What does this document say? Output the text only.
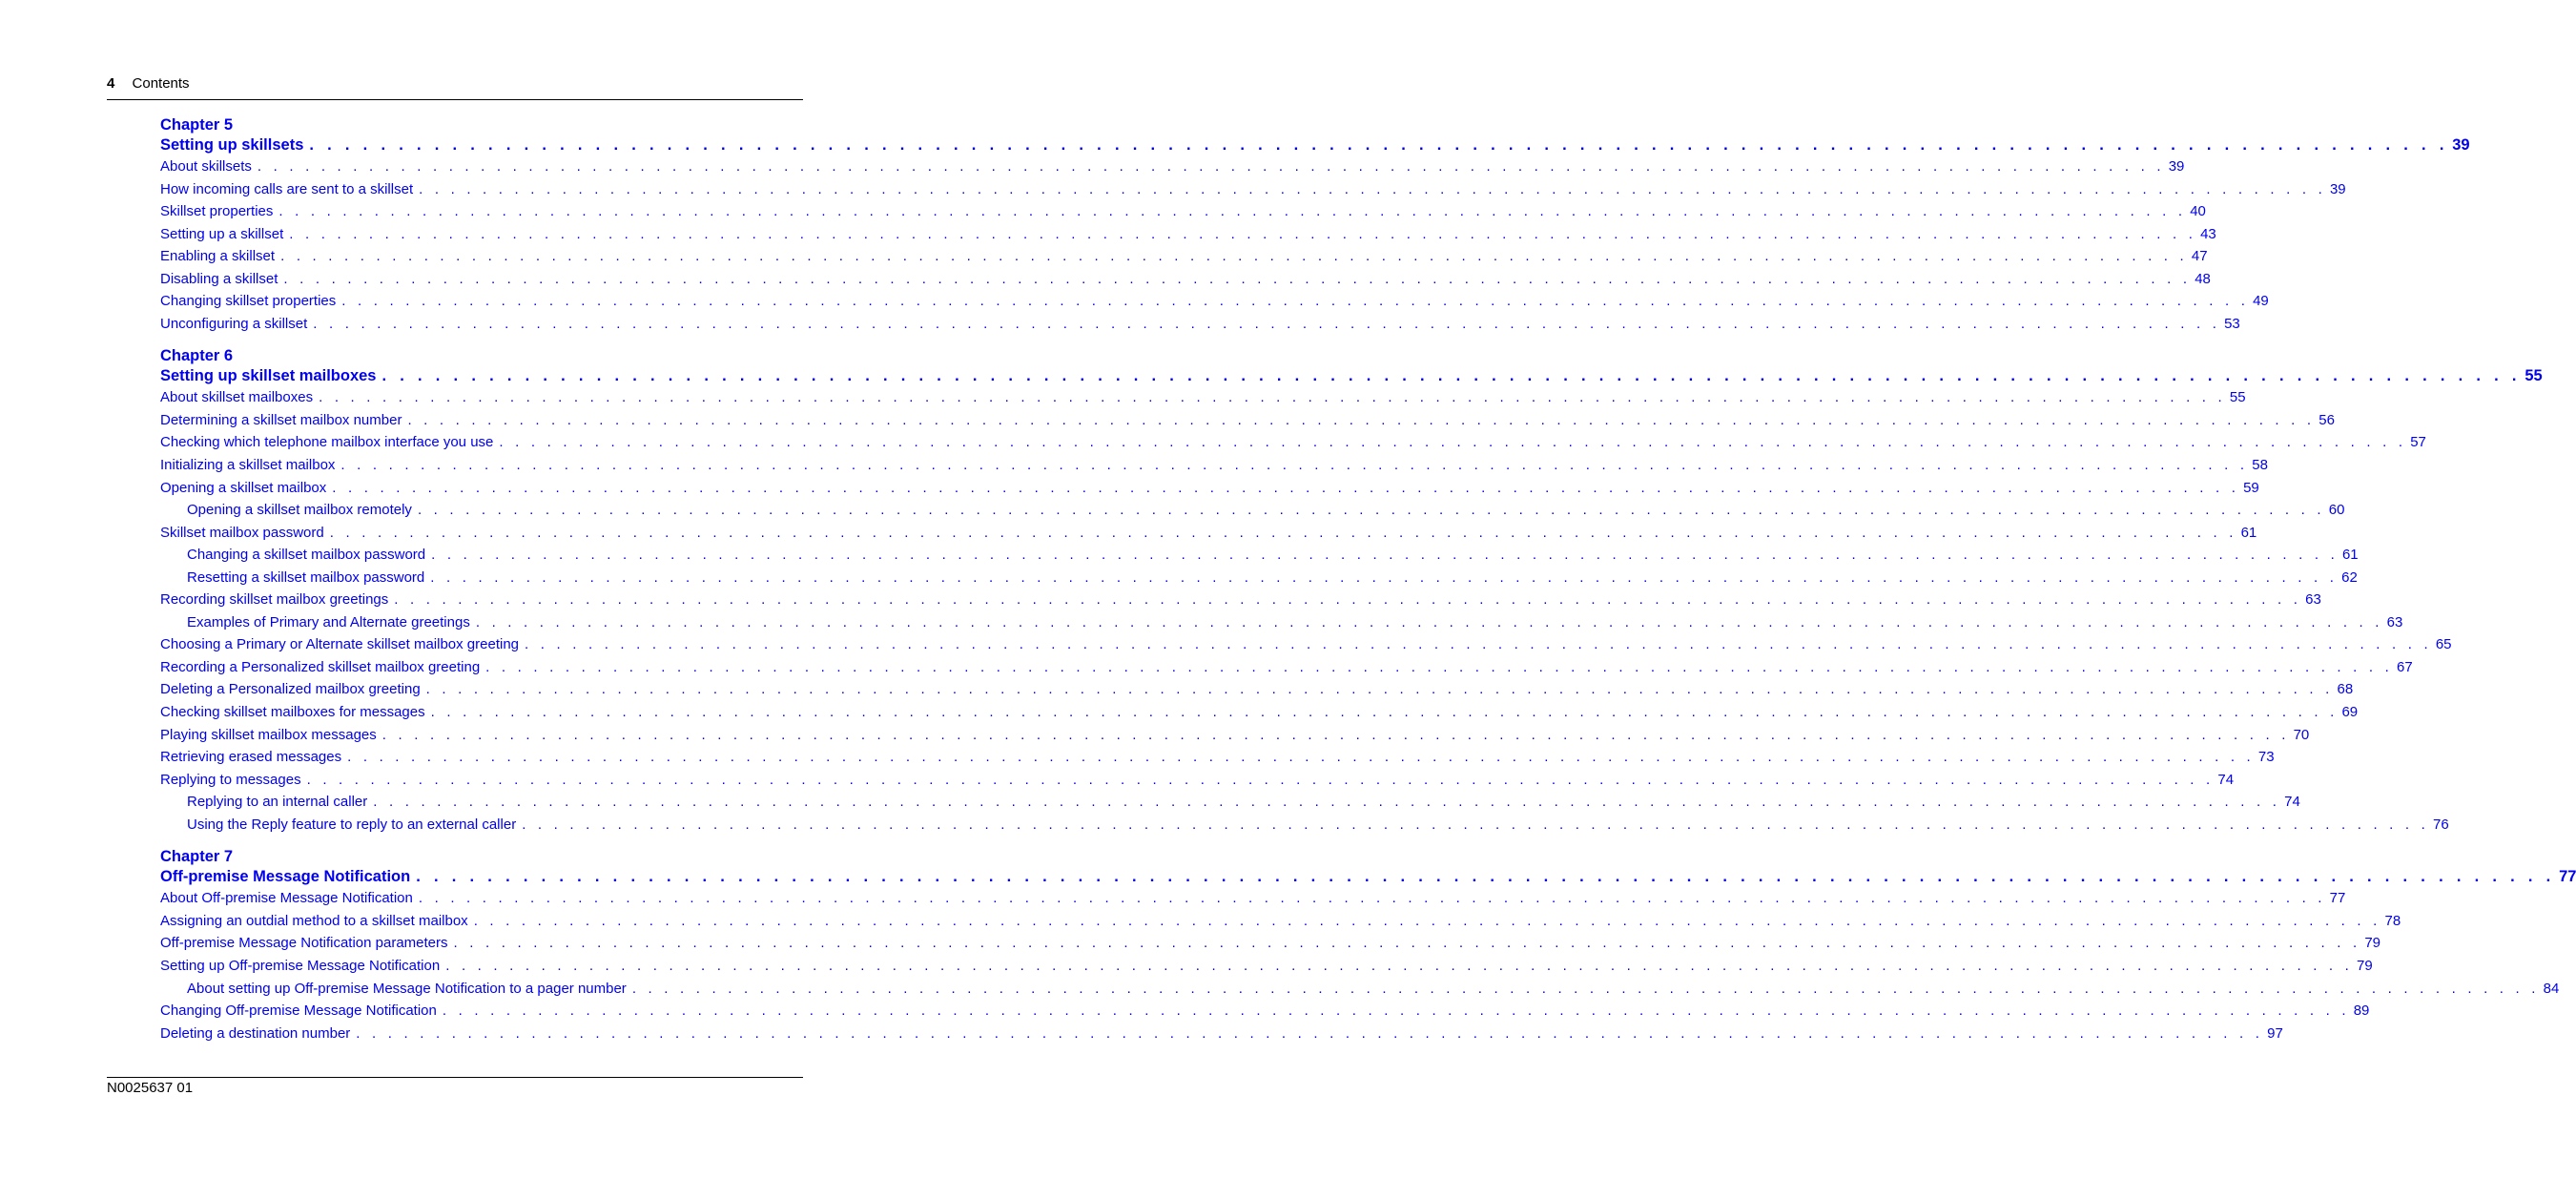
4 Contents
Chapter 5
Setting up skillsets . . . . . . . . . . . . . . . . . . . . . . . . . . . . . . . . . . . . . . . . . . . . . . . . . . . . . . . . . . . . . . . . . . . . . . . . . . . . . . . . . . . . . . . . . . . . . . . . . . . . . . . . . . . . . . . . . . . . . . . . 39
About skillsets . . . . . . . . . . . . . . . . . . . . . . . . . . . . . . . . . . . . . . . . . . . . . . . . . . . . . . . . . . . . . . . . . . . . . . . . . . . . . . . . . . . . . . . . . . . . . . . . . . . . . . . . . . . . . . . . . . . . . . . . 39
How incoming calls are sent to a skillset . . . . . . . . . . . . . . . . . . . . . . . . . . . . . . . . . . . . . . . . . . . . . . . . . . . . . . . . . . . . . . . . . . . . . . . . . . . . . . . . . . . . . . . . . . . . . . . . . . . . . . . . . . . . . . . . . . . . . . . . 39
Skillset properties . . . . . . . . . . . . . . . . . . . . . . . . . . . . . . . . . . . . . . . . . . . . . . . . . . . . . . . . . . . . . . . . . . . . . . . . . . . . . . . . . . . . . . . . . . . . . . . . . . . . . . . . . . . . . . . . . . . . . . . . 40
Setting up a skillset . . . . . . . . . . . . . . . . . . . . . . . . . . . . . . . . . . . . . . . . . . . . . . . . . . . . . . . . . . . . . . . . . . . . . . . . . . . . . . . . . . . . . . . . . . . . . . . . . . . . . . . . . . . . . . . . . . . . . . . . 43
Enabling a skillset . . . . . . . . . . . . . . . . . . . . . . . . . . . . . . . . . . . . . . . . . . . . . . . . . . . . . . . . . . . . . . . . . . . . . . . . . . . . . . . . . . . . . . . . . . . . . . . . . . . . . . . . . . . . . . . . . . . . . . . . 47
Disabling a skillset . . . . . . . . . . . . . . . . . . . . . . . . . . . . . . . . . . . . . . . . . . . . . . . . . . . . . . . . . . . . . . . . . . . . . . . . . . . . . . . . . . . . . . . . . . . . . . . . . . . . . . . . . . . . . . . . . . . . . . . . 48
Changing skillset properties . . . . . . . . . . . . . . . . . . . . . . . . . . . . . . . . . . . . . . . . . . . . . . . . . . . . . . . . . . . . . . . . . . . . . . . . . . . . . . . . . . . . . . . . . . . . . . . . . . . . . . . . . . . . . . . . . . . . . . . . 49
Unconfiguring a skillset . . . . . . . . . . . . . . . . . . . . . . . . . . . . . . . . . . . . . . . . . . . . . . . . . . . . . . . . . . . . . . . . . . . . . . . . . . . . . . . . . . . . . . . . . . . . . . . . . . . . . . . . . . . . . . . . . . . . . . . . 53
Chapter 6
Setting up skillset mailboxes . . . . . . . . . . . . . . . . . . . . . . . . . . . . . . . . . . . . . . . . . . . . . . . . . . . . . . . . . . . . . . . . . . . . . . . . . . . . . . . . . . . . . . . . . . . . . . . . . . . . . . . . . . . . . . . . . . . . . . . . 55
About skillset mailboxes . . . . . . . . . . . . . . . . . . . . . . . . . . . . . . . . . . . . . . . . . . . . . . . . . . . . . . . . . . . . . . . . . . . . . . . . . . . . . . . . . . . . . . . . . . . . . . . . . . . . . . . . . . . . . . . . . . . . . . . . 55
Determining a skillset mailbox number . . . . . . . . . . . . . . . . . . . . . . . . . . . . . . . . . . . . . . . . . . . . . . . . . . . . . . . . . . . . . . . . . . . . . . . . . . . . . . . . . . . . . . . . . . . . . . . . . . . . . . . . . . . . . . . . . . . . . . . . 56
Checking which telephone mailbox interface you use . . . . . . . . . . . . . . . . . . . . . . . . . . . . . . . . . . . . . . . . . . . . . . . . . . . . . . . . . . . . . . . . . . . . . . . . . . . . . . . . . . . . . . . . . . . . . . . . . . . . . . . . . . . . . . . . . . . . . . . . 57
Initializing a skillset mailbox . . . . . . . . . . . . . . . . . . . . . . . . . . . . . . . . . . . . . . . . . . . . . . . . . . . . . . . . . . . . . . . . . . . . . . . . . . . . . . . . . . . . . . . . . . . . . . . . . . . . . . . . . . . . . . . . . . . . . . . . 58
Opening a skillset mailbox . . . . . . . . . . . . . . . . . . . . . . . . . . . . . . . . . . . . . . . . . . . . . . . . . . . . . . . . . . . . . . . . . . . . . . . . . . . . . . . . . . . . . . . . . . . . . . . . . . . . . . . . . . . . . . . . . . . . . . . . 59
Opening a skillset mailbox remotely . . . . . . . . . . . . . . . . . . . . . . . . . . . . . . . . . . . . . . . . . . . . . . . . . . . . . . . . . . . . . . . . . . . . . . . . . . . . . . . . . . . . . . . . . . . . . . . . . . . . . . . . . . . . . . . . . . . . . . . . 60
Skillset mailbox password . . . . . . . . . . . . . . . . . . . . . . . . . . . . . . . . . . . . . . . . . . . . . . . . . . . . . . . . . . . . . . . . . . . . . . . . . . . . . . . . . . . . . . . . . . . . . . . . . . . . . . . . . . . . . . . . . . . . . . . . 61
Changing a skillset mailbox password . . . . . . . . . . . . . . . . . . . . . . . . . . . . . . . . . . . . . . . . . . . . . . . . . . . . . . . . . . . . . . . . . . . . . . . . . . . . . . . . . . . . . . . . . . . . . . . . . . . . . . . . . . . . . . . . . . . . . . . . 61
Resetting a skillset mailbox password . . . . . . . . . . . . . . . . . . . . . . . . . . . . . . . . . . . . . . . . . . . . . . . . . . . . . . . . . . . . . . . . . . . . . . . . . . . . . . . . . . . . . . . . . . . . . . . . . . . . . . . . . . . . . . . . . . . . . . . . 62
Recording skillset mailbox greetings . . . . . . . . . . . . . . . . . . . . . . . . . . . . . . . . . . . . . . . . . . . . . . . . . . . . . . . . . . . . . . . . . . . . . . . . . . . . . . . . . . . . . . . . . . . . . . . . . . . . . . . . . . . . . . . . . . . . . . . . 63
Examples of Primary and Alternate greetings . . . . . . . . . . . . . . . . . . . . . . . . . . . . . . . . . . . . . . . . . . . . . . . . . . . . . . . . . . . . . . . . . . . . . . . . . . . . . . . . . . . . . . . . . . . . . . . . . . . . . . . . . . . . . . . . . . . . . . . . 63
Choosing a Primary or Alternate skillset mailbox greeting . . . . . . . . . . . . . . . . . . . . . . . . . . . . . . . . . . . . . . . . . . . . . . . . . . . . . . . . . . . . . . . . . . . . . . . . . . . . . . . . . . . . . . . . . . . . . . . . . . . . . . . . . . . . . . . . . . . . . . . . 65
Recording a Personalized skillset mailbox greeting . . . . . . . . . . . . . . . . . . . . . . . . . . . . . . . . . . . . . . . . . . . . . . . . . . . . . . . . . . . . . . . . . . . . . . . . . . . . . . . . . . . . . . . . . . . . . . . . . . . . . . . . . . . . . . . . . . . . . . . . 67
Deleting a Personalized mailbox greeting . . . . . . . . . . . . . . . . . . . . . . . . . . . . . . . . . . . . . . . . . . . . . . . . . . . . . . . . . . . . . . . . . . . . . . . . . . . . . . . . . . . . . . . . . . . . . . . . . . . . . . . . . . . . . . . . . . . . . . . . 68
Checking skillset mailboxes for messages . . . . . . . . . . . . . . . . . . . . . . . . . . . . . . . . . . . . . . . . . . . . . . . . . . . . . . . . . . . . . . . . . . . . . . . . . . . . . . . . . . . . . . . . . . . . . . . . . . . . . . . . . . . . . . . . . . . . . . . . 69
Playing skillset mailbox messages . . . . . . . . . . . . . . . . . . . . . . . . . . . . . . . . . . . . . . . . . . . . . . . . . . . . . . . . . . . . . . . . . . . . . . . . . . . . . . . . . . . . . . . . . . . . . . . . . . . . . . . . . . . . . . . . . . . . . . . . 70
Retrieving erased messages . . . . . . . . . . . . . . . . . . . . . . . . . . . . . . . . . . . . . . . . . . . . . . . . . . . . . . . . . . . . . . . . . . . . . . . . . . . . . . . . . . . . . . . . . . . . . . . . . . . . . . . . . . . . . . . . . . . . . . . . 73
Replying to messages . . . . . . . . . . . . . . . . . . . . . . . . . . . . . . . . . . . . . . . . . . . . . . . . . . . . . . . . . . . . . . . . . . . . . . . . . . . . . . . . . . . . . . . . . . . . . . . . . . . . . . . . . . . . . . . . . . . . . . . . 74
Replying to an internal caller . . . . . . . . . . . . . . . . . . . . . . . . . . . . . . . . . . . . . . . . . . . . . . . . . . . . . . . . . . . . . . . . . . . . . . . . . . . . . . . . . . . . . . . . . . . . . . . . . . . . . . . . . . . . . . . . . . . . . . . . 74
Using the Reply feature to reply to an external caller . . . . . . . . . . . . . . . . . . . . . . . . . . . . . . . . . . . . . . . . . . . . . . . . . . . . . . . . . . . . . . . . . . . . . . . . . . . . . . . . . . . . . . . . . . . . . . . . . . . . . . . . . . . . . . . . . . . . . . . . 76
Chapter 7
Off-premise Message Notification . . . . . . . . . . . . . . . . . . . . . . . . . . . . . . . . . . . . . . . . . . . . . . . . . . . . . . . . . . . . . . . . . . . . . . . . . . . . . . . . . . . . . . . . . . . . . . . . . . . . . . . . . . . . . . . . . . . . . . . . 77
About Off-premise Message Notification . . . . . . . . . . . . . . . . . . . . . . . . . . . . . . . . . . . . . . . . . . . . . . . . . . . . . . . . . . . . . . . . . . . . . . . . . . . . . . . . . . . . . . . . . . . . . . . . . . . . . . . . . . . . . . . . . . . . . . . . 77
Assigning an outdial method to a skillset mailbox . . . . . . . . . . . . . . . . . . . . . . . . . . . . . . . . . . . . . . . . . . . . . . . . . . . . . . . . . . . . . . . . . . . . . . . . . . . . . . . . . . . . . . . . . . . . . . . . . . . . . . . . . . . . . . . . . . . . . . . . 78
Off-premise Message Notification parameters . . . . . . . . . . . . . . . . . . . . . . . . . . . . . . . . . . . . . . . . . . . . . . . . . . . . . . . . . . . . . . . . . . . . . . . . . . . . . . . . . . . . . . . . . . . . . . . . . . . . . . . . . . . . . . . . . . . . . . . . 79
Setting up Off-premise Message Notification . . . . . . . . . . . . . . . . . . . . . . . . . . . . . . . . . . . . . . . . . . . . . . . . . . . . . . . . . . . . . . . . . . . . . . . . . . . . . . . . . . . . . . . . . . . . . . . . . . . . . . . . . . . . . . . . . . . . . . . . 79
About setting up Off-premise Message Notification to a pager number . . . . . . . . . . . . . . . . . . . . . . . . . . . . . . . . . . . . . . . . . . . . . . . . . . . . . . . . . . . . . . . . . . . . . . . . . . . . . . . . . . . . . . . . . . . . . . . . . . . . . . . . . . . . . . . . . . . . . . . . 84
Changing Off-premise Message Notification . . . . . . . . . . . . . . . . . . . . . . . . . . . . . . . . . . . . . . . . . . . . . . . . . . . . . . . . . . . . . . . . . . . . . . . . . . . . . . . . . . . . . . . . . . . . . . . . . . . . . . . . . . . . . . . . . . . . . . . . 89
Deleting a destination number . . . . . . . . . . . . . . . . . . . . . . . . . . . . . . . . . . . . . . . . . . . . . . . . . . . . . . . . . . . . . . . . . . . . . . . . . . . . . . . . . . . . . . . . . . . . . . . . . . . . . . . . . . . . . . . . . . . . . . . . 97
N0025637 01
